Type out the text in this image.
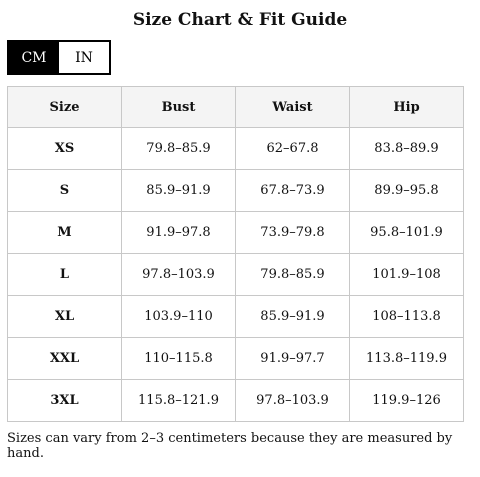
Size Chart & Fit Guide
CM	IN
Size	Bust	Waist	Hip
XS	79.8–85.9	62–67.8	83.8–89.9
S	85.9–91.9	67.8–73.9	89.9–95.8
M	91.9–97.8	73.9–79.8	95.8–101.9
L	97.8–103.9	79.8–85.9	101.9–108
XL	103.9–110	85.9–91.9	108–113.8
XXL	110–115.8	91.9–97.7	113.8–119.9
3XL	115.8–121.9	97.8–103.9	119.9–126
Sizes can vary from 2–3 centimeters because they are measured by hand.
